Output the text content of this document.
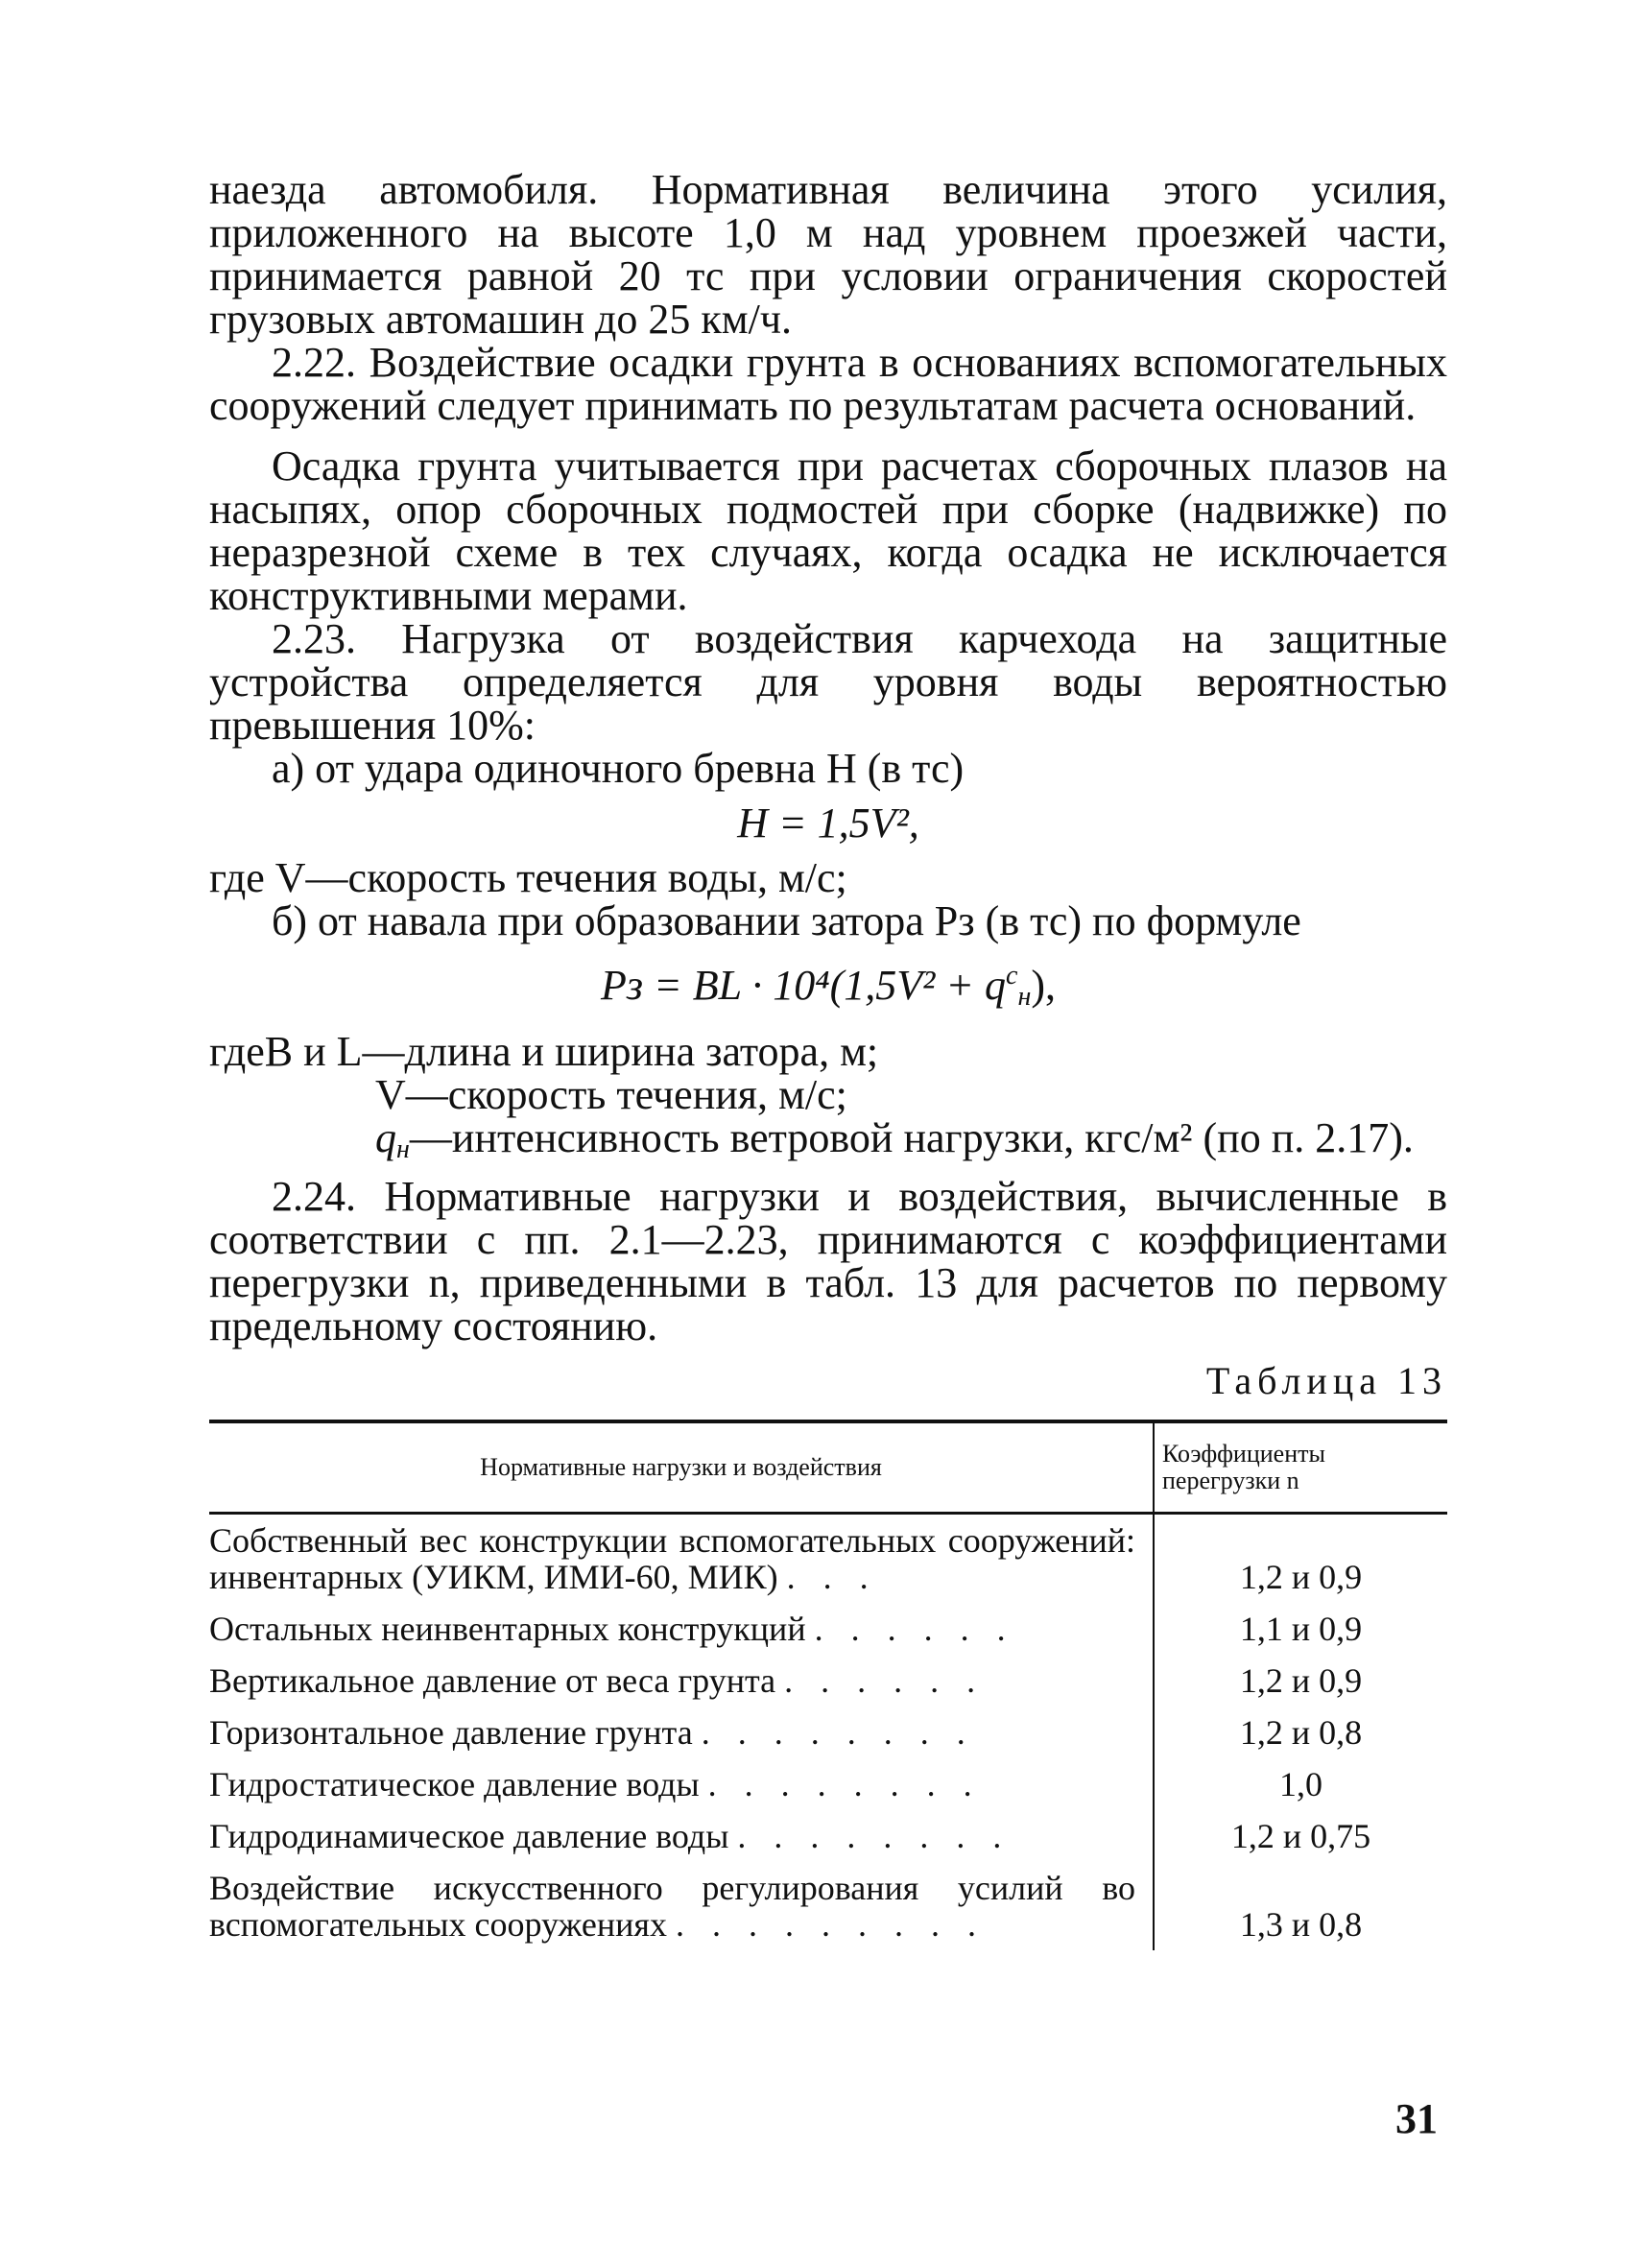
наезда автомобиля. Нормативная величина этого усилия, приложенного на высоте 1,0 м над уровнем проезжей части, принимается равной 20 тс при условии ограничения скоростей грузовых автомашин до 25 км/ч.

2.22. Воздействие осадки грунта в основаниях вспомогательных сооружений следует принимать по результатам расчета оснований.

Осадка грунта учитывается при расчетах сборочных плазов на насыпях, опор сборочных подмостей при сборке (надвижке) по неразрезной схеме в тех случаях, когда осадка не исключается конструктивными мерами.

2.23. Нагрузка от воздействия карчехода на защитные устройства определяется для уровня воды вероятностью превышения 10%:

а) от удара одиночного бревна H (в тс)

H = 1,5V²,

где V—скорость течения воды, м/с;

б) от навала при образовании затора Pз (в тс) по формуле

Pз = BL · $10^4(1,5V^2 + q^с_н)$,

где B и L—длина и ширина затора, м;
V—скорость течения, м/с;
$q_н$ —интенсивность ветровой нагрузки, кгс/м² (по п. 2.17).

2.24. Нормативные нагрузки и воздействия, вычисленные в соответствии с пп. 2.1—2.23, принимаются с коэффициентами перегрузки n, приведенными в табл. 13 для расчетов по первому предельному состоянию.

Таблица 13
Нормативные нагрузки и воздействия	Коэффициенты перегрузки n
Собственный вес конструкции вспомогательных сооружений: инвентарных (УИКМ, ИМИ-60, МИК) . . .	1,2 и 0,9
Остальных неинвентарных конструкций . . . . . .	1,1 и 0,9
Вертикальное давление от веса грунта . . . . . .	1,2 и 0,9
Горизонтальное давление грунта . . . . . . . .	1,2 и 0,8
Гидростатическое давление воды . . . . . . . .	1,0
Гидродинамическое давление воды . . . . . . . .	1,2 и 0,75
Воздействие искусственного регулирования усилий во вспомогательных сооружениях . . . . . . . . .	1,3 и 0,8
31
